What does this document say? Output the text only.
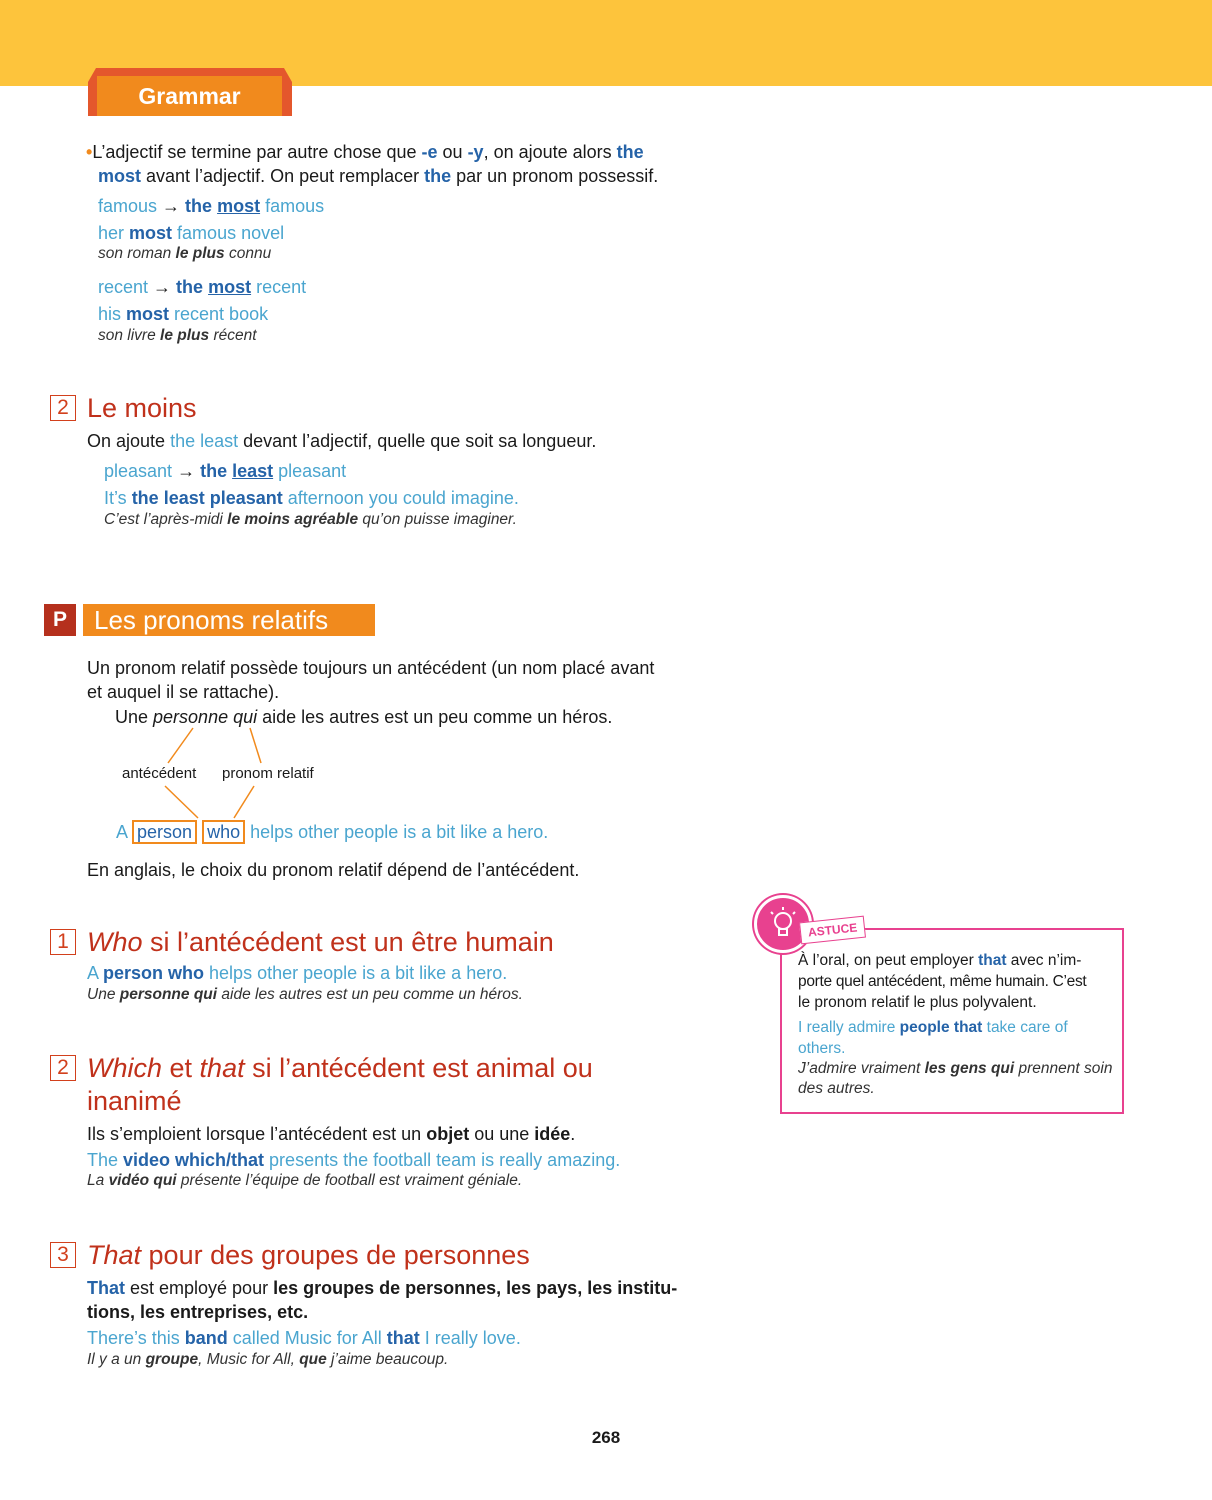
Grammar
•L’adjectif se termine par autre chose que -e ou -y, on ajoute alors the
most avant l’adjectif. On peut remplacer the par un pronom possessif.
famous → the most famous
her most famous novel
son roman le plus connu
recent → the most recent
his most recent book
son livre le plus récent
2 Le moins
On ajoute the least devant l’adjectif, quelle que soit sa longueur.
pleasant → the least pleasant
It’s the least pleasant afternoon you could imagine.
C’est l’après-midi le moins agréable qu’on puisse imaginer.
P	Les pronoms relatifs
Un pronom relatif possède toujours un antécédent (un nom placé avant
et auquel il se rattache).
Une personne qui aide les autres est un peu comme un héros.
antécédent pronom relatif
A person who helps other people is a bit like a hero.
En anglais, le choix du pronom relatif dépend de l’antécédent.
1 Who si l’antécédent est un être humain
A person who helps other people is a bit like a hero.
Une personne qui aide les autres est un peu comme un héros.
2 Which et that si l’antécédent est animal ou
inanimé
Ils s’emploient lorsque l’antécédent est un objet ou une idée.
The video which/that presents the football team is really amazing.
La vidéo qui présente l’équipe de football est vraiment géniale.
3 That pour des groupes de personnes
That est employé pour les groupes de personnes, les pays, les institu-
tions, les entreprises, etc.
There’s this band called Music for All that I really love.
Il y a un groupe, Music for All, que j’aime beaucoup.
ASTUCE
À l’oral, on peut employer that avec n’im-
porte quel antécédent, même humain. C’est
le pronom relatif le plus polyvalent.
I really admire people that take care of
others.
J’admire vraiment les gens qui prennent soin
des autres.
268
